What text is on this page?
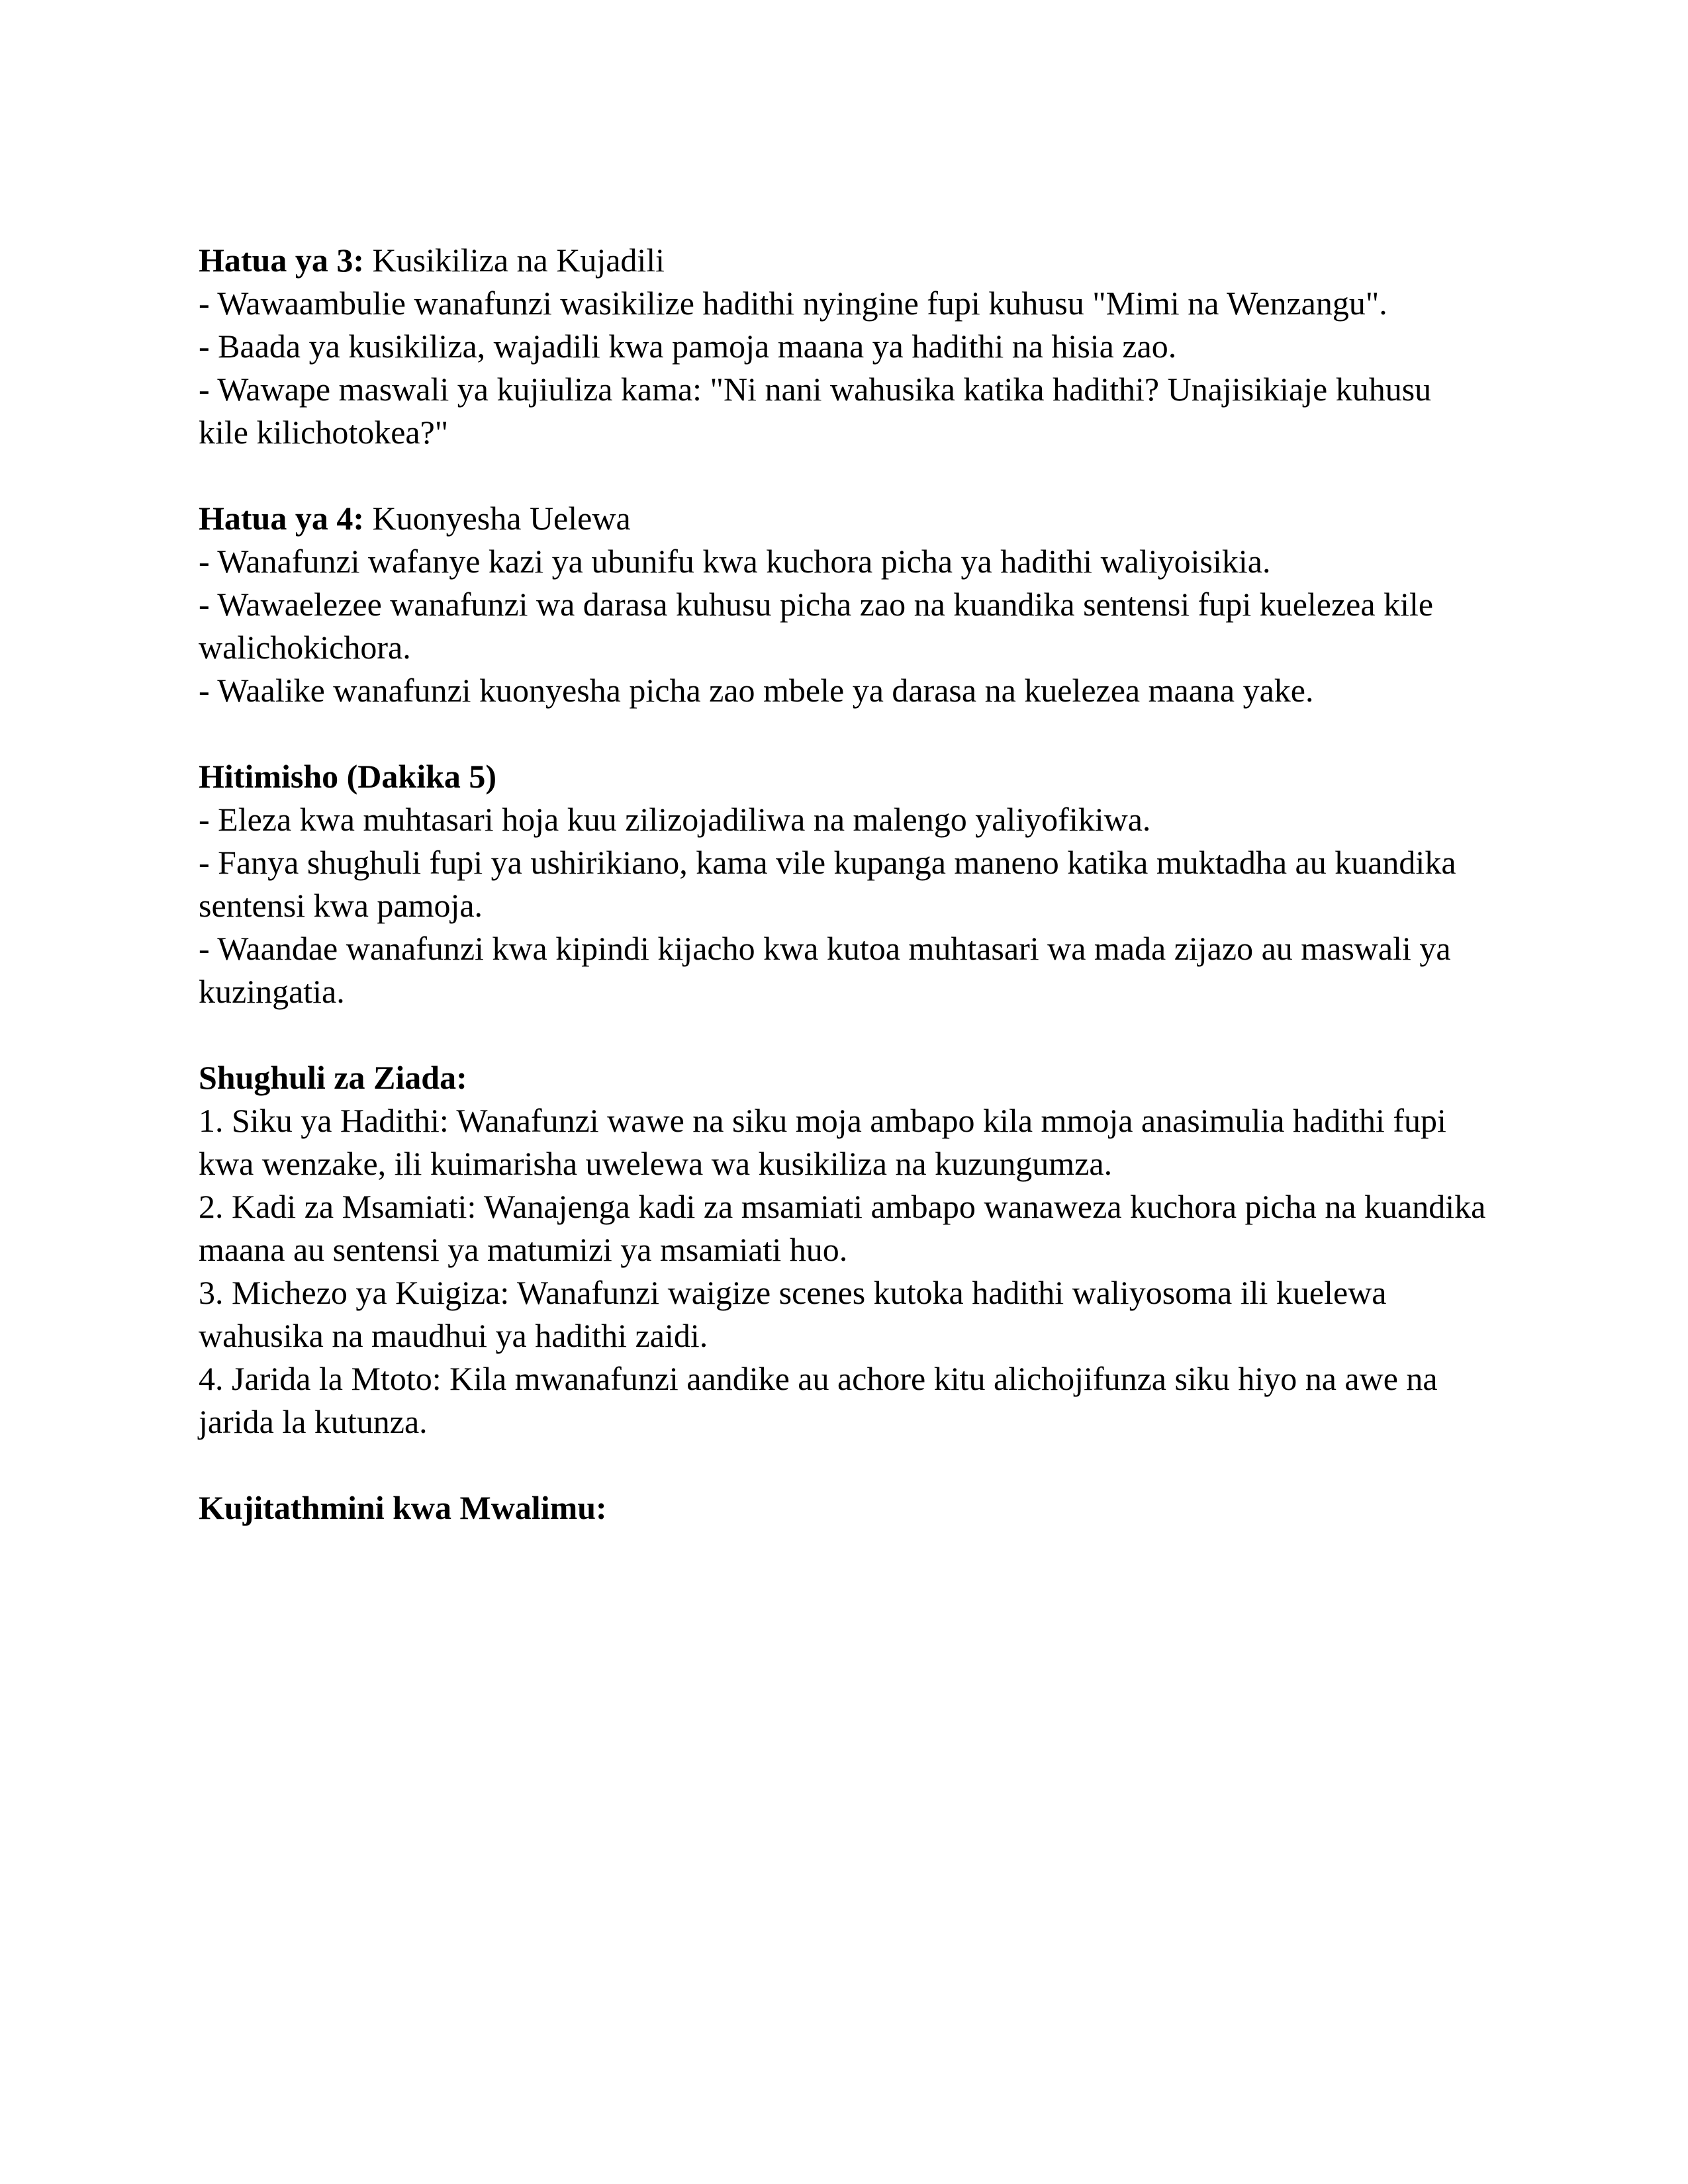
Hatua ya 3: Kusikiliza na Kujadili
- Wawaambulie wanafunzi wasikilize hadithi nyingine fupi kuhusu "Mimi na Wenzangu".
- Baada ya kusikiliza, wajadili kwa pamoja maana ya hadithi na hisia zao.
- Wawape maswali ya kujiuliza kama: "Ni nani wahusika katika hadithi? Unajisikiaje kuhusu
kile kilichotokea?"
Hatua ya 4: Kuonyesha Uelewa
- Wanafunzi wafanye kazi ya ubunifu kwa kuchora picha ya hadithi waliyoisikia.
- Wawaelezee wanafunzi wa darasa kuhusu picha zao na kuandika sentensi fupi kuelezea kile
walichokichora.
- Waalike wanafunzi kuonyesha picha zao mbele ya darasa na kuelezea maana yake.
Hitimisho (Dakika 5)
- Eleza kwa muhtasari hoja kuu zilizojadiliwa na malengo yaliyofikiwa.
- Fanya shughuli fupi ya ushirikiano, kama vile kupanga maneno katika muktadha au kuandika
sentensi kwa pamoja.
- Waandae wanafunzi kwa kipindi kijacho kwa kutoa muhtasari wa mada zijazo au maswali ya
kuzingatia.
Shughuli za Ziada:
1. Siku ya Hadithi: Wanafunzi wawe na siku moja ambapo kila mmoja anasimulia hadithi fupi
kwa wenzake, ili kuimarisha uwelewa wa kusikiliza na kuzungumza.
2. Kadi za Msamiati: Wanajenga kadi za msamiati ambapo wanaweza kuchora picha na kuandika
maana au sentensi ya matumizi ya msamiati huo.
3. Michezo ya Kuigiza: Wanafunzi waigize scenes kutoka hadithi waliyosoma ili kuelewa
wahusika na maudhui ya hadithi zaidi.
4. Jarida la Mtoto: Kila mwanafunzi aandike au achore kitu alichojifunza siku hiyo na awe na
jarida la kutunza.
Kujitathmini kwa Mwalimu:
